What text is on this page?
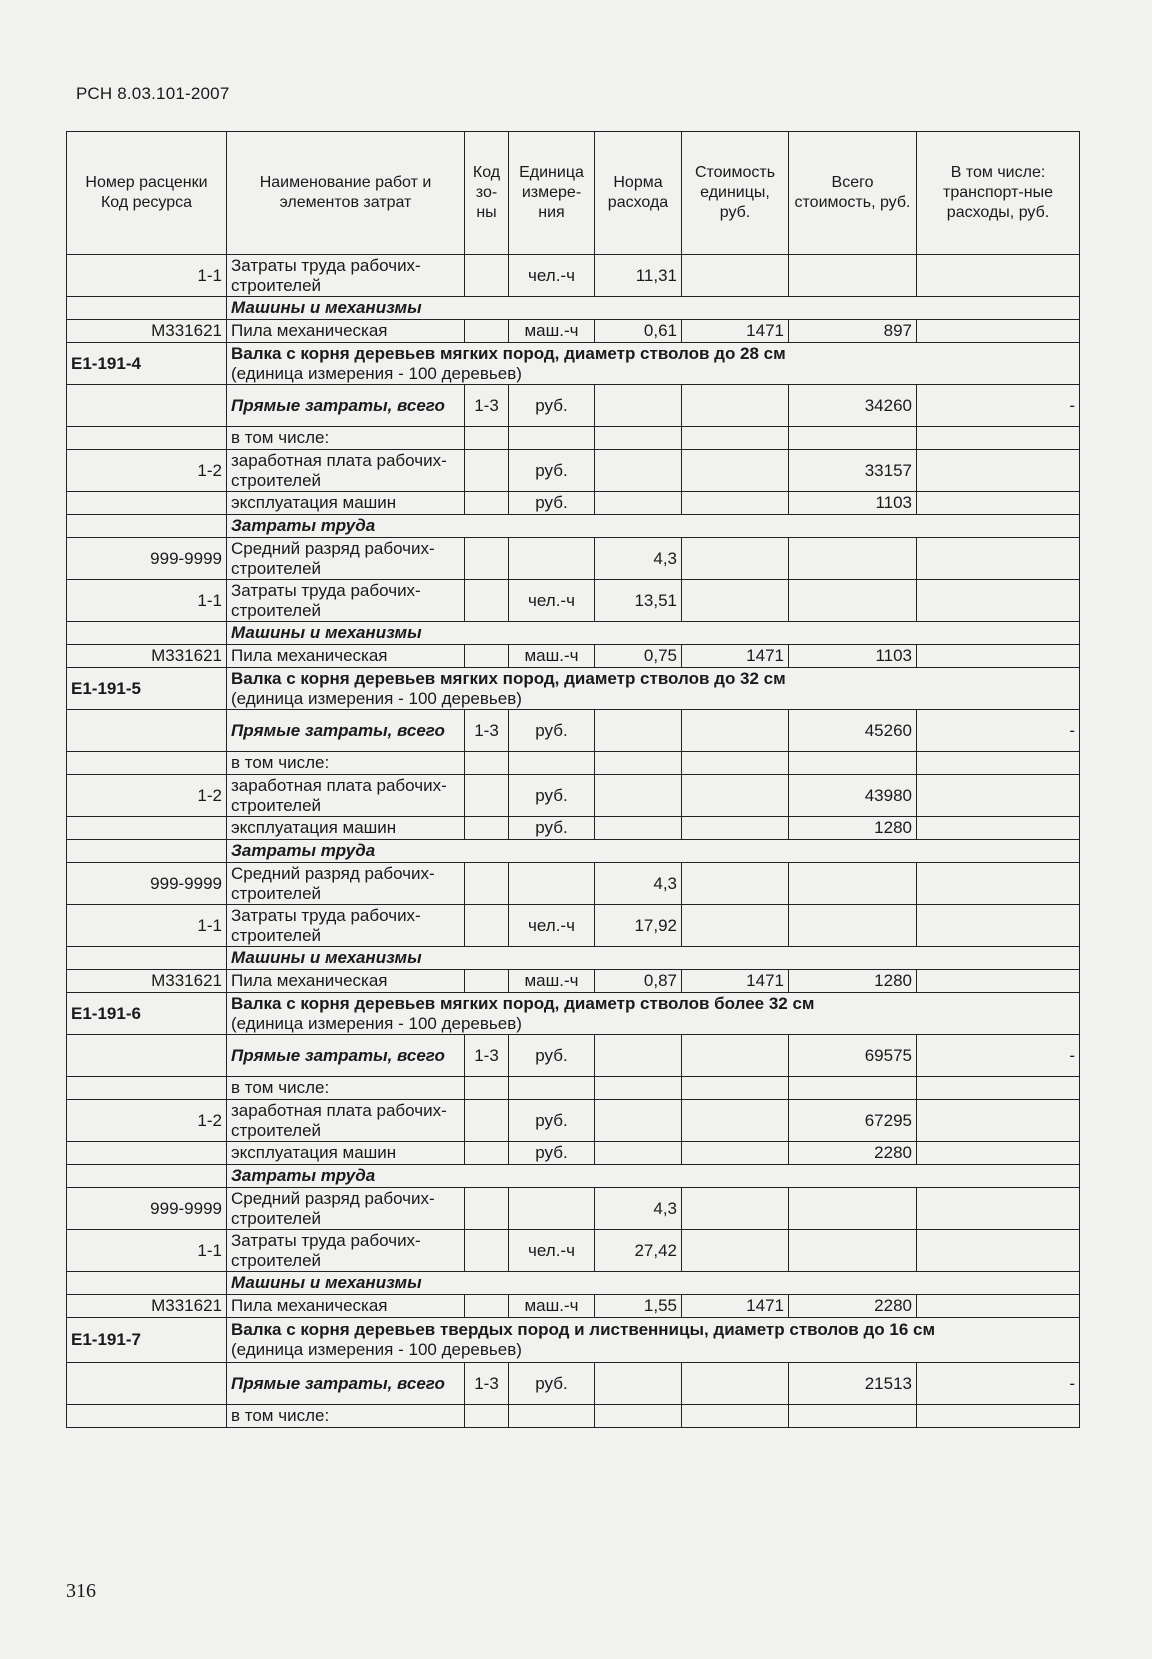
РСН 8.03.101-2007
Номер расценки Код ресурса	Наименование работ и элементов затрат	Код зо-ны	Единица измере-ния	Норма расхода	Стоимость единицы, руб.	Всего стоимость, руб.	В том числе: транспорт-ные расходы, руб.
1-1	Затраты труда рабочих-строителей		чел.-ч	11,31			
	Машины и механизмы						
М331621	Пила механическая		маш.-ч	0,61	1471	897	
Е1-191-4	Валка с корня деревьев мягких пород, диаметр стволов до 28 см
(единица измерения - 100 деревьев)						

	Прямые затраты, всего	1-3	руб.			34260	-
	в том числе:						
1-2	заработная плата рабочих-строителей		руб.			33157	
	эксплуатация машин		руб.			1103	
	Затраты труда						
999-9999	Средний разряд рабочих-строителей			4,3			
1-1	Затраты труда рабочих-строителей		чел.-ч	13,51			
	Машины и механизмы						
М331621	Пила механическая		маш.-ч	0,75	1471	1103	
Е1-191-5	Валка с корня деревьев мягких пород, диаметр стволов до 32 см
(единица измерения - 100 деревьев)						

	Прямые затраты, всего	1-3	руб.			45260	-
	в том числе:						
1-2	заработная плата рабочих-строителей		руб.			43980	
	эксплуатация машин		руб.			1280	
	Затраты труда						
999-9999	Средний разряд рабочих-строителей			4,3			
1-1	Затраты труда рабочих-строителей		чел.-ч	17,92			
	Машины и механизмы						
М331621	Пила механическая		маш.-ч	0,87	1471	1280	
Е1-191-6	Валка с корня деревьев мягких пород, диаметр стволов более 32 см
(единица измерения - 100 деревьев)						

	Прямые затраты, всего	1-3	руб.			69575	-
	в том числе:						
1-2	заработная плата рабочих-строителей		руб.			67295	
	эксплуатация машин		руб.			2280	
	Затраты труда						
999-9999	Средний разряд рабочих-строителей			4,3			
1-1	Затраты труда рабочих-строителей		чел.-ч	27,42			
	Машины и механизмы						
М331621	Пила механическая		маш.-ч	1,55	1471	2280	
Е1-191-7	Валка с корня деревьев твердых пород и лиственницы, диаметр стволов до 16 см
(единица измерения - 100 деревьев)						

	Прямые затраты, всего	1-3	руб.			21513	-
	в том числе:						
316
